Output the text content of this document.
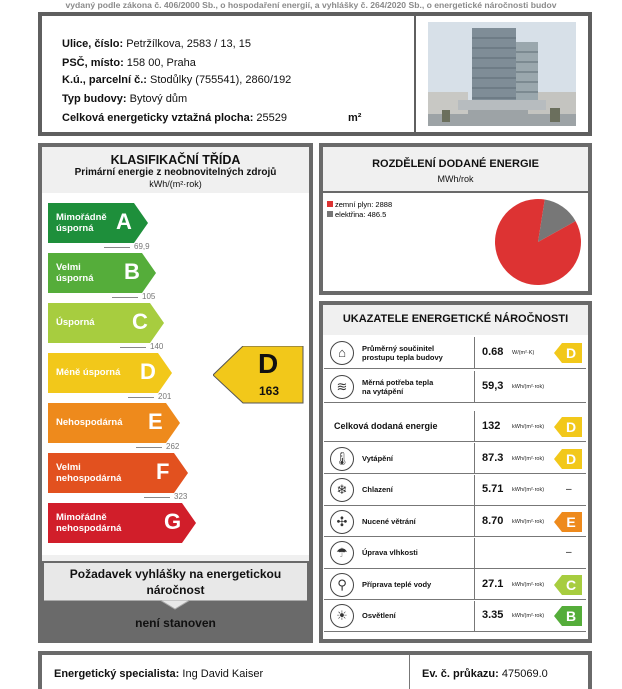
vydaný podle zákona č. 406/2000 Sb., o hospodaření energií, a vyhlášky č. 264/2020 Sb., o energetické náročnosti budov
Ulice, číslo: Petržílkova, 2583 / 13, 15
PSČ, místo: 158 00, Praha
K.ú., parcelní č.: Stodůlky (755541), 2860/192
Typ budovy: Bytový dům
Celková energeticky vztažná plocha: 25529	m²
KLASIFIKAČNÍ TŘÍDA
Primární energie z neobnovitelných zdrojů
kWh/(m²·rok)
Mimořádně
úsporná	A
69,9
Velmi
úsporná B
105
Úsporná C
140
Méně úsporná D
201
Nehospodárná E
262
Velmi
nehospodárná F
323
Mimořádně
nehospodárná G
D
163
Požadavek vyhlášky na energetickou
náročnost
není stanoven
ROZDĚLENÍ DODANÉ ENERGIE
MWh/rok
zemní plyn: 2888
elektřina: 486.5
UKAZATELE ENERGETICKÉ NÁROČNOSTI
⌂	Průměrný součinitel
prostupu tepla budovy	0.68 W/(m²·K) D
≋	Měrná potřeba tepla
na vytápění	59,3 kWh/(m²·rok)
Celková dodaná energie	132 kWh/(m²·rok) D
🌡	Vytápění	87.3 kWh/(m²·rok) D
❄	Chlazení	5.71 kWh/(m²·rok) –
✣	Nucené větrání	8.70 kWh/(m²·rok) E
☂	Úprava vlhkosti	–
⚲	Příprava teplé vody	27.1 kWh/(m²·rok) C
☀	Osvětlení	3.35 kWh/(m²·rok) B
Energetický specialista: Ing David Kaiser	Ev. č. průkazu: 475069.0
